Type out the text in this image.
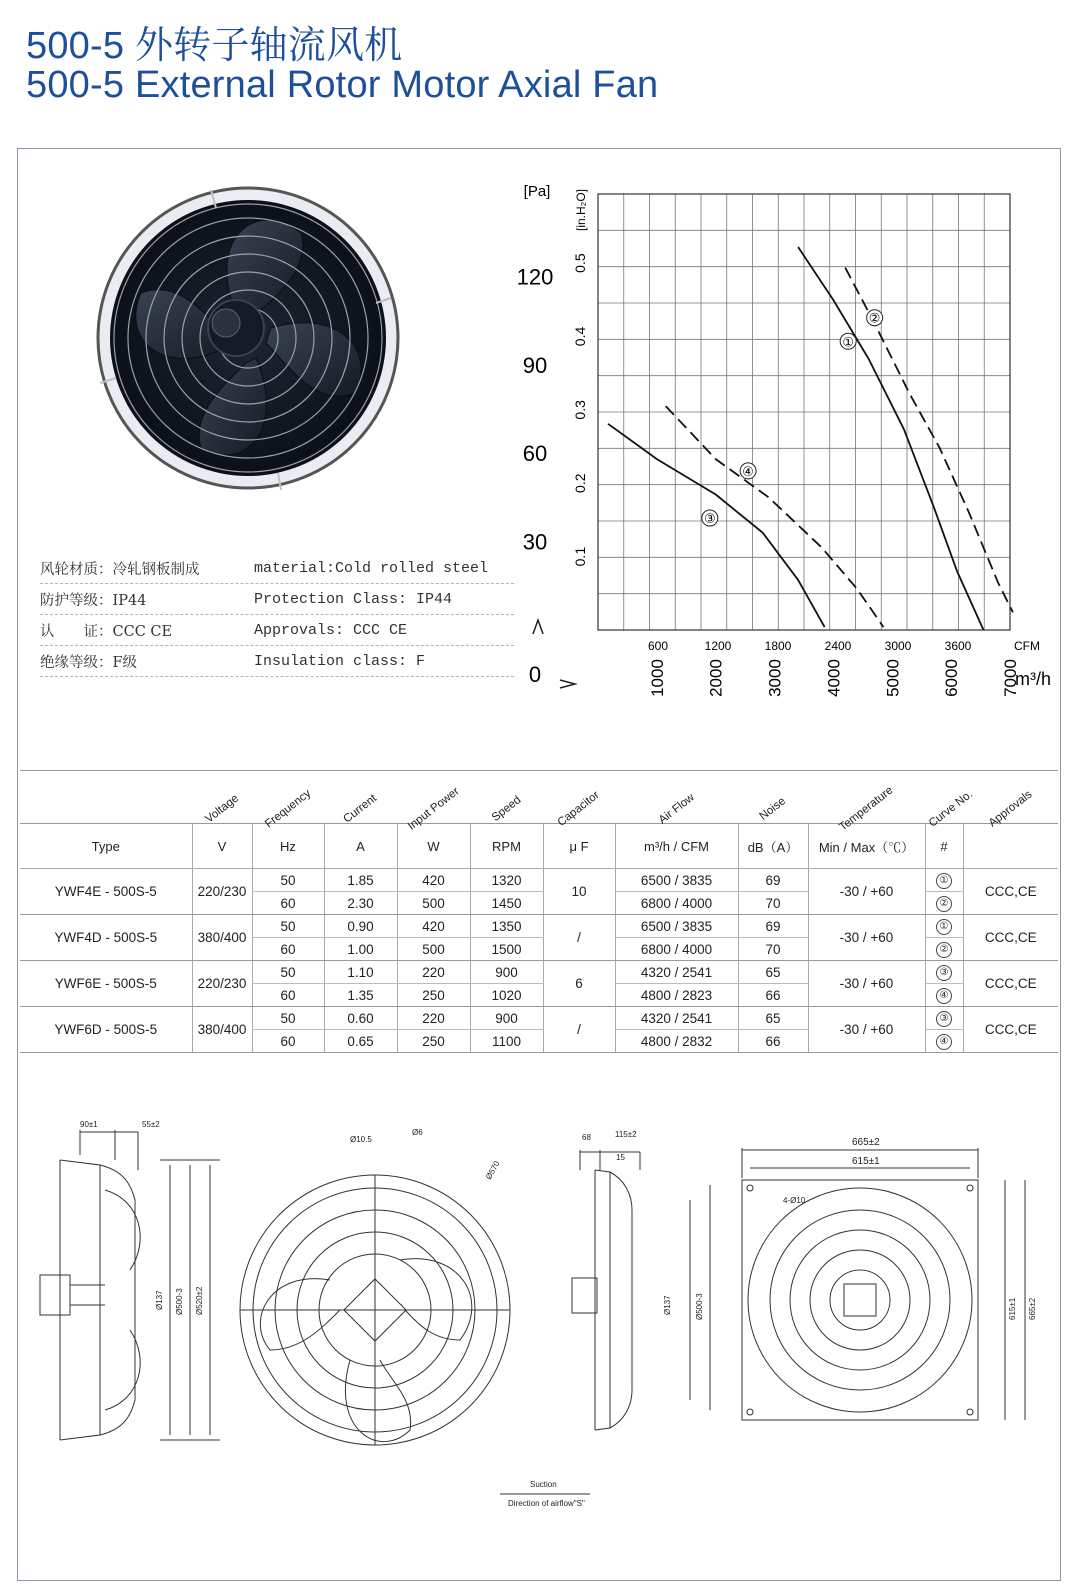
500-5 外转子轴流风机
500-5 External Rotor Motor Axial Fan
风轮材质：冷轧钢板制成	material:Cold rolled steel
防护等级：IP44	Protection Class: IP44
认　　证：CCC CE	Approvals: CCC CE
绝缘等级：F级	Insulation class: F
120
90
60
30
0
[Pa]
0.5
0.4
0.3
0.2
0.1
[in.H₂O]
600	1200	1800	2400	3000	3600	CFM
1000 2000 3000 4000 5000 6000 7000
m³/h
①
②
③
④
	Voltage	Frequency	Current	Input Power	Speed	Capacitor	Air Flow	Noise	Temperature	Curve No.	Approvals
Type	V	Hz	A	W	RPM	μ F	m³/h / CFM	dB（A）	Min / Max（℃）	#	
YWF4E - 500S-5	220/230	50	1.85	420	1320	10	6500 / 3835	69	-30 / +60	①	CCC,CE
		60	2.30	500	1450		6800 / 4000	70		②	
YWF4D - 500S-5	380/400	50	0.90	420	1350	/	6500 / 3835	69	-30 / +60	①	CCC,CE
		60	1.00	500	1500		6800 / 4000	70		②	
YWF6E - 500S-5	220/230	50	1.10	220	900	6	4320 / 2541	65	-30 / +60	③	CCC,CE
		60	1.35	250	1020		4800 / 2823	66		④	
YWF6D - 500S-5	380/400	50	0.60	220	900	/	4320 / 2541	65	-30 / +60	③	CCC,CE
		60	0.65	250	1100		4800 / 2832	66		④	
90±1	55±2
Ø137 Ø500-3 Ø520±2
Ø10.5
Ø6
Ø570
68	115±2
15
Ø137	Ø500-3
665±2
615±1
4-Ø10
615±1 665±2
Suction
Direction of airflow"S"
